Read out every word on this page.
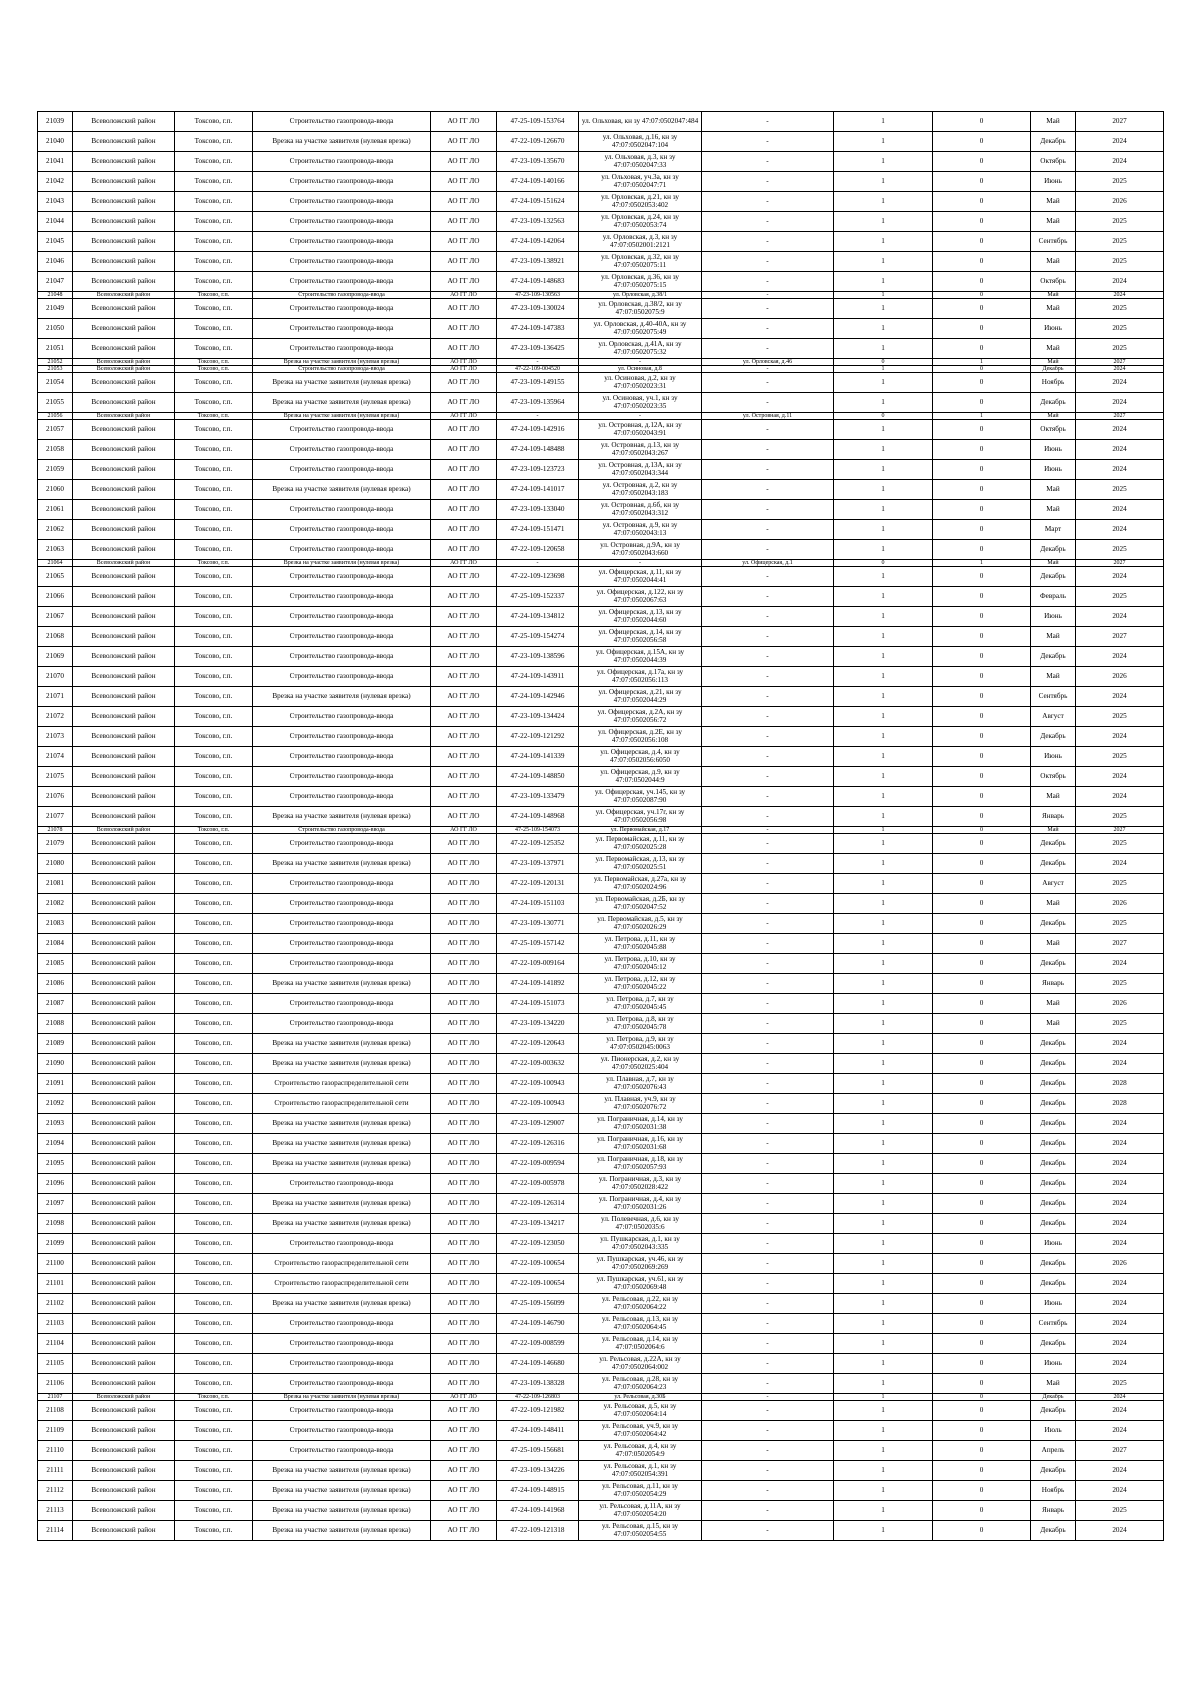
21039	Всеволожский район	Токсово, г.п.	Строительство газопровода-ввода	АО ГГ ЛО	47-25-109-153764	ул. Ольховая, кн зу 47:07:0502047:484	-	1	0	Май	2027
21040	Всеволожский район	Токсово, г.п.	Врезка на участке заявителя (нулевая врезка)	АО ГГ ЛО	47-22-109-126670	ул. Ольховая, д.16, кн зу 47:07:0502047:104	-	1	0	Декабрь	2024
21041	Всеволожский район	Токсово, г.п.	Строительство газопровода-ввода	АО ГГ ЛО	47-23-109-135670	ул. Ольховая, д.3, кн зу 47:07:0502047:33	-	1	0	Октябрь	2024
21042	Всеволожский район	Токсово, г.п.	Строительство газопровода-ввода	АО ГГ ЛО	47-24-109-140166	ул. Ольховая, уч.3а, кн зу 47:07:0502047:71	-	1	0	Июнь	2025
21043	Всеволожский район	Токсово, г.п.	Строительство газопровода-ввода	АО ГГ ЛО	47-24-109-151624	ул. Орловская, д.21, кн зу 47:07:0502053:402	-	1	0	Май	2026
21044	Всеволожский район	Токсово, г.п.	Строительство газопровода-ввода	АО ГГ ЛО	47-23-109-132563	ул. Орловская, д.24, кн зу 47:07:0502053:74	-	1	0	Май	2025
21045	Всеволожский район	Токсово, г.п.	Строительство газопровода-ввода	АО ГГ ЛО	47-24-109-142064	ул. Орловская, д.3, кн зу 47:07:0502001:2121	-	1	0	Сентябрь	2025
21046	Всеволожский район	Токсово, г.п.	Строительство газопровода-ввода	АО ГГ ЛО	47-23-109-138921	ул. Орловская, д.32, кн зу 47:07:0502075:11	-	1	0	Май	2025
21047	Всеволожский район	Токсово, г.п.	Строительство газопровода-ввода	АО ГГ ЛО	47-24-109-148683	ул. Орловская, д.36, кн зу 47:07:0502075:15	-	1	0	Октябрь	2024
21048	Всеволожский район	Токсово, г.п.	Строительство газопровода-ввода	АО ГГ ЛО	47-23-109-130563	ул. Орловская, д.38/1	-	1	0	Май	2024
21049	Всеволожский район	Токсово, г.п.	Строительство газопровода-ввода	АО ГГ ЛО	47-23-109-130024	ул. Орловская, д.38/2, кн зу 47:07:0502075:9	-	1	0	Май	2025
21050	Всеволожский район	Токсово, г.п.	Строительство газопровода-ввода	АО ГГ ЛО	47-24-109-147383	ул. Орловская, д.40-40А, кн зу 47:07:0502075:49	-	1	0	Июнь	2025
21051	Всеволожский район	Токсово, г.п.	Строительство газопровода-ввода	АО ГГ ЛО	47-23-109-136425	ул. Орловская, д.41А, кн зу 47:07:0502075:32	-	1	0	Май	2025
21052	Всеволожский район	Токсово, г.п.	Врезка на участке заявителя (нулевая врезка)	АО ГГ ЛО	-	-	ул. Орловская, д.46	0	1	Май	2027
21053	Всеволожский район	Токсово, г.п.	Строительство газопровода-ввода	АО ГГ ЛО	47-22-109-004520	ул. Осиновая, д.8	-	1	0	Декабрь	2024
21054	Всеволожский район	Токсово, г.п.	Врезка на участке заявителя (нулевая врезка)	АО ГГ ЛО	47-23-109-149155	ул. Осиновая, д.2, кн зу 47:07:0502023:31	-	1	0	Ноябрь	2024
21055	Всеволожский район	Токсово, г.п.	Врезка на участке заявителя (нулевая врезка)	АО ГГ ЛО	47-23-109-135964	ул. Осиновая, уч.1, кн зу 47:07:0502023:35	-	1	0	Декабрь	2024
21056	Всеволожский район	Токсово, г.п.	Врезка на участке заявителя (нулевая врезка)	АО ГГ ЛО	-	-	ул. Островная, д.11	0	1	Май	2027
21057	Всеволожский район	Токсово, г.п.	Строительство газопровода-ввода	АО ГГ ЛО	47-24-109-142916	ул. Островная, д.12А, кн зу 47:07:0502043:91	-	1	0	Октябрь	2024
21058	Всеволожский район	Токсово, г.п.	Строительство газопровода-ввода	АО ГГ ЛО	47-24-109-148488	ул. Островная, д.13, кн зу 47:07:0502043:267	-	1	0	Июнь	2024
21059	Всеволожский район	Токсово, г.п.	Строительство газопровода-ввода	АО ГГ ЛО	47-23-109-123723	ул. Островная, д.13А, кн зу 47:07:0502043:344	-	1	0	Июнь	2024
21060	Всеволожский район	Токсово, г.п.	Врезка на участке заявителя (нулевая врезка)	АО ГГ ЛО	47-24-109-141017	ул. Островная, д.2, кн зу 47:07:0502043:183	-	1	0	Май	2025
21061	Всеволожский район	Токсово, г.п.	Строительство газопровода-ввода	АО ГГ ЛО	47-23-109-133040	ул. Островная, д.6б, кн зу 47:07:0502043:312	-	1	0	Май	2024
21062	Всеволожский район	Токсово, г.п.	Строительство газопровода-ввода	АО ГГ ЛО	47-24-109-151471	ул. Островная, д.9, кн зу 47:07:0502043:13	-	1	0	Март	2024
21063	Всеволожский район	Токсово, г.п.	Строительство газопровода-ввода	АО ГГ ЛО	47-22-109-120658	ул. Островная, д.9А, кн зу 47:07:0502043:660	-	1	0	Декабрь	2025
21064	Всеволожский район	Токсово, г.п.	Врезка на участке заявителя (нулевая врезка)	АО ГГ ЛО	-	-	ул. Офицерская, д.1	0	1	Май	2027
21065	Всеволожский район	Токсово, г.п.	Строительство газопровода-ввода	АО ГГ ЛО	47-22-109-123698	ул. Офицерская, д.11, кн зу 47:07:0502044:41	-	1	0	Декабрь	2024
21066	Всеволожский район	Токсово, г.п.	Строительство газопровода-ввода	АО ГГ ЛО	47-25-109-152337	ул. Офицерская, д.122, кн зу 47:07:0502067:63	-	1	0	Февраль	2025
21067	Всеволожский район	Токсово, г.п.	Строительство газопровода-ввода	АО ГГ ЛО	47-24-109-134812	ул. Офицерская, д.13, кн зу 47:07:0502044:60	-	1	0	Июнь	2024
21068	Всеволожский район	Токсово, г.п.	Строительство газопровода-ввода	АО ГГ ЛО	47-25-109-154274	ул. Офицерская, д.14, кн зу 47:07:0502056:58	-	1	0	Май	2027
21069	Всеволожский район	Токсово, г.п.	Строительство газопровода-ввода	АО ГГ ЛО	47-23-109-138596	ул. Офицерская, д.15А, кн зу 47:07:0502044:39	-	1	0	Декабрь	2024
21070	Всеволожский район	Токсово, г.п.	Строительство газопровода-ввода	АО ГГ ЛО	47-24-109-143911	ул. Офицерская, д.17а, кн зу 47:07:0502056:113	-	1	0	Май	2026
21071	Всеволожский район	Токсово, г.п.	Врезка на участке заявителя (нулевая врезка)	АО ГГ ЛО	47-24-109-142946	ул. Офицерская, д.21, кн зу 47:07:0502044:29	-	1	0	Сентябрь	2024
21072	Всеволожский район	Токсово, г.п.	Строительство газопровода-ввода	АО ГГ ЛО	47-23-109-134424	ул. Офицерская, д.2А, кн зу 47:07:0502056:72	-	1	0	Август	2025
21073	Всеволожский район	Токсово, г.п.	Строительство газопровода-ввода	АО ГГ ЛО	47-22-109-121292	ул. Офицерская, д.2Е, кн зу 47:07:0502056:108	-	1	0	Декабрь	2024
21074	Всеволожский район	Токсово, г.п.	Строительство газопровода-ввода	АО ГГ ЛО	47-24-109-141339	ул. Офицерская, д.4, кн зу 47:07:0502056:6050	-	1	0	Июнь	2025
21075	Всеволожский район	Токсово, г.п.	Строительство газопровода-ввода	АО ГГ ЛО	47-24-109-148850	ул. Офицерская, д.9, кн зу 47:07:0502044:9	-	1	0	Октябрь	2024
21076	Всеволожский район	Токсово, г.п.	Строительство газопровода-ввода	АО ГГ ЛО	47-23-109-133479	ул. Офицерская, уч.145, кн зу 47:07:0502087:90	-	1	0	Май	2024
21077	Всеволожский район	Токсово, г.п.	Врезка на участке заявителя (нулевая врезка)	АО ГГ ЛО	47-24-109-148968	ул. Офицерская, уч.17г, кн зу 47:07:0502056:98	-	1	0	Январь	2025
21078	Всеволожский район	Токсово, г.п.	Строительство газопровода-ввода	АО ГГ ЛО	47-25-109-154073	ул. Первомайская, д.17	-	1	0	Май	2027
21079	Всеволожский район	Токсово, г.п.	Строительство газопровода-ввода	АО ГГ ЛО	47-22-109-125352	ул. Первомайская, д.11, кн зу 47:07:0502025:28	-	1	0	Декабрь	2025
21080	Всеволожский район	Токсово, г.п.	Врезка на участке заявителя (нулевая врезка)	АО ГГ ЛО	47-23-109-137971	ул. Первомайская, д.13, кн зу 47:07:0502025:51	-	1	0	Декабрь	2024
21081	Всеволожский район	Токсово, г.п.	Строительство газопровода-ввода	АО ГГ ЛО	47-22-109-120131	ул. Первомайская, д.27а, кн зу 47:07:0502024:96	-	1	0	Август	2025
21082	Всеволожский район	Токсово, г.п.	Строительство газопровода-ввода	АО ГГ ЛО	47-24-109-151103	ул. Первомайская, д.2Б, кн зу 47:07:0502047:52	-	1	0	Май	2026
21083	Всеволожский район	Токсово, г.п.	Строительство газопровода-ввода	АО ГГ ЛО	47-23-109-130771	ул. Первомайская, д.5, кн зу 47:07:0502026:29	-	1	0	Декабрь	2025
21084	Всеволожский район	Токсово, г.п.	Строительство газопровода-ввода	АО ГГ ЛО	47-25-109-157142	ул. Петрова, д.11, кн зу 47:07:0502045:88	-	1	0	Май	2027
21085	Всеволожский район	Токсово, г.п.	Строительство газопровода-ввода	АО ГГ ЛО	47-22-109-009164	ул. Петрова, д.10, кн зу 47:07:0502045:12	-	1	0	Декабрь	2024
21086	Всеволожский район	Токсово, г.п.	Врезка на участке заявителя (нулевая врезка)	АО ГГ ЛО	47-24-109-141892	ул. Петрова, д.12, кн зу 47:07:0502045:22	-	1	0	Январь	2025
21087	Всеволожский район	Токсово, г.п.	Строительство газопровода-ввода	АО ГГ ЛО	47-24-109-151073	ул. Петрова, д.7, кн зу 47:07:0502045:45	-	1	0	Май	2026
21088	Всеволожский район	Токсово, г.п.	Строительство газопровода-ввода	АО ГГ ЛО	47-23-109-134220	ул. Петрова, д.8, кн зу 47:07:0502045:78	-	1	0	Май	2025
21089	Всеволожский район	Токсово, г.п.	Врезка на участке заявителя (нулевая врезка)	АО ГГ ЛО	47-22-109-120643	ул. Петрова, д.9, кн зу 47:07:0502045:0063	-	1	0	Декабрь	2024
21090	Всеволожский район	Токсово, г.п.	Врезка на участке заявителя (нулевая врезка)	АО ГГ ЛО	47-22-109-003632	ул. Пионерская, д.2, кн зу 47:07:0502025:404	-	1	0	Декабрь	2024
21091	Всеволожский район	Токсово, г.п.	Строительство газораспределительной сети	АО ГГ ЛО	47-22-109-100943	ул. Плавная, д.7, кн зу 47:07:0502076:43	-	1	0	Декабрь	2028
21092	Всеволожский район	Токсово, г.п.	Строительство газораспределительной сети	АО ГГ ЛО	47-22-109-100943	ул. Плавная, уч.9, кн зу 47:07:0502076:72	-	1	0	Декабрь	2028
21093	Всеволожский район	Токсово, г.п.	Врезка на участке заявителя (нулевая врезка)	АО ГГ ЛО	47-23-109-129007	ул. Пограничная, д.14, кн зу 47:07:0502031:38	-	1	0	Декабрь	2024
21094	Всеволожский район	Токсово, г.п.	Врезка на участке заявителя (нулевая врезка)	АО ГГ ЛО	47-22-109-126316	ул. Пограничная, д.16, кн зу 47:07:0502031:68	-	1	0	Декабрь	2024
21095	Всеволожский район	Токсово, г.п.	Врезка на участке заявителя (нулевая врезка)	АО ГГ ЛО	47-22-109-009594	ул. Пограничная, д.18, кн зу 47:07:0502057:93	-	1	0	Декабрь	2024
21096	Всеволожский район	Токсово, г.п.	Строительство газопровода-ввода	АО ГГ ЛО	47-22-109-005978	ул. Пограничная, д.3, кн зу 47:07:0502028:422	-	1	0	Декабрь	2024
21097	Всеволожский район	Токсово, г.п.	Врезка на участке заявителя (нулевая врезка)	АО ГГ ЛО	47-22-109-126314	ул. Пограничная, д.4, кн зу 47:07:0502031:26	-	1	0	Декабрь	2024
21098	Всеволожский район	Токсово, г.п.	Врезка на участке заявителя (нулевая врезка)	АО ГГ ЛО	47-23-109-134217	ул. Полевечная, д.6, кн зу 47:07:0502035:6	-	1	0	Декабрь	2024
21099	Всеволожский район	Токсово, г.п.	Строительство газопровода-ввода	АО ГГ ЛО	47-22-109-123050	ул. Пушкарская, д.1, кн зу 47:07:0502043:335	-	1	0	Июнь	2024
21100	Всеволожский район	Токсово, г.п.	Строительство газораспределительной сети	АО ГГ ЛО	47-22-109-100654	ул. Пушкарская, уч.46, кн зу 47:07:0502069:269	-	1	0	Декабрь	2026
21101	Всеволожский район	Токсово, г.п.	Строительство газораспределительной сети	АО ГГ ЛО	47-22-109-100654	ул. Пушкарская, уч.61, кн зу 47:07:0502069:48	-	1	0	Декабрь	2024
21102	Всеволожский район	Токсово, г.п.	Врезка на участке заявителя (нулевая врезка)	АО ГГ ЛО	47-25-109-156099	ул. Рельсовая, д.22, кн зу 47:07:0502064:22	-	1	0	Июнь	2024
21103	Всеволожский район	Токсово, г.п.	Строительство газопровода-ввода	АО ГГ ЛО	47-24-109-146790	ул. Рельсовая, д.13, кн зу 47:07:0502064:45	-	1	0	Сентябрь	2024
21104	Всеволожский район	Токсово, г.п.	Строительство газопровода-ввода	АО ГГ ЛО	47-22-109-008599	ул. Рельсовая, д.14, кн зу 47:07:0502064:6	-	1	0	Декабрь	2024
21105	Всеволожский район	Токсово, г.п.	Строительство газопровода-ввода	АО ГГ ЛО	47-24-109-146680	ул. Рельсовая, д.22А, кн зу 47:07:0502064:002	-	1	0	Июнь	2024
21106	Всеволожский район	Токсово, г.п.	Строительство газопровода-ввода	АО ГГ ЛО	47-23-109-138328	ул. Рельсовая, д.28, кн зу 47:07:0502064:23	-	1	0	Май	2025
21107	Всеволожский район	Токсово, г.п.	Врезка на участке заявителя (нулевая врезка)	АО ГГ ЛО	47-22-109-126803	ул. Рельсовая, д.30Б	-	1	0	Декабрь	2024
21108	Всеволожский район	Токсово, г.п.	Строительство газопровода-ввода	АО ГГ ЛО	47-22-109-121982	ул. Рельсовая, д.5, кн зу 47:07:0502064:14	-	1	0	Декабрь	2024
21109	Всеволожский район	Токсово, г.п.	Строительство газопровода-ввода	АО ГГ ЛО	47-24-109-148411	ул. Рельсовая, уч.9, кн зу 47:07:0502064:42	-	1	0	Июль	2024
21110	Всеволожский район	Токсово, г.п.	Строительство газопровода-ввода	АО ГГ ЛО	47-25-109-156681	ул. Рельсовая, д.4, кн зу 47:07:0502054:9	-	1	0	Апрель	2027
21111	Всеволожский район	Токсово, г.п.	Врезка на участке заявителя (нулевая врезка)	АО ГГ ЛО	47-23-109-134226	ул. Рельсовая, д.1, кн зу 47:07:0502054:391	-	1	0	Декабрь	2024
21112	Всеволожский район	Токсово, г.п.	Врезка на участке заявителя (нулевая врезка)	АО ГГ ЛО	47-24-109-148915	ул. Рельсовая, д.11, кн зу 47:07:0502054:29	-	1	0	Ноябрь	2024
21113	Всеволожский район	Токсово, г.п.	Врезка на участке заявителя (нулевая врезка)	АО ГГ ЛО	47-24-109-141968	ул. Рельсовая, д.11А, кн зу 47:07:0502054:20	-	1	0	Январь	2025
21114	Всеволожский район	Токсово, г.п.	Врезка на участке заявителя (нулевая врезка)	АО ГГ ЛО	47-22-109-121318	ул. Рельсовая, д.15, кн зу 47:07:0502054:55	-	1	0	Декабрь	2024
